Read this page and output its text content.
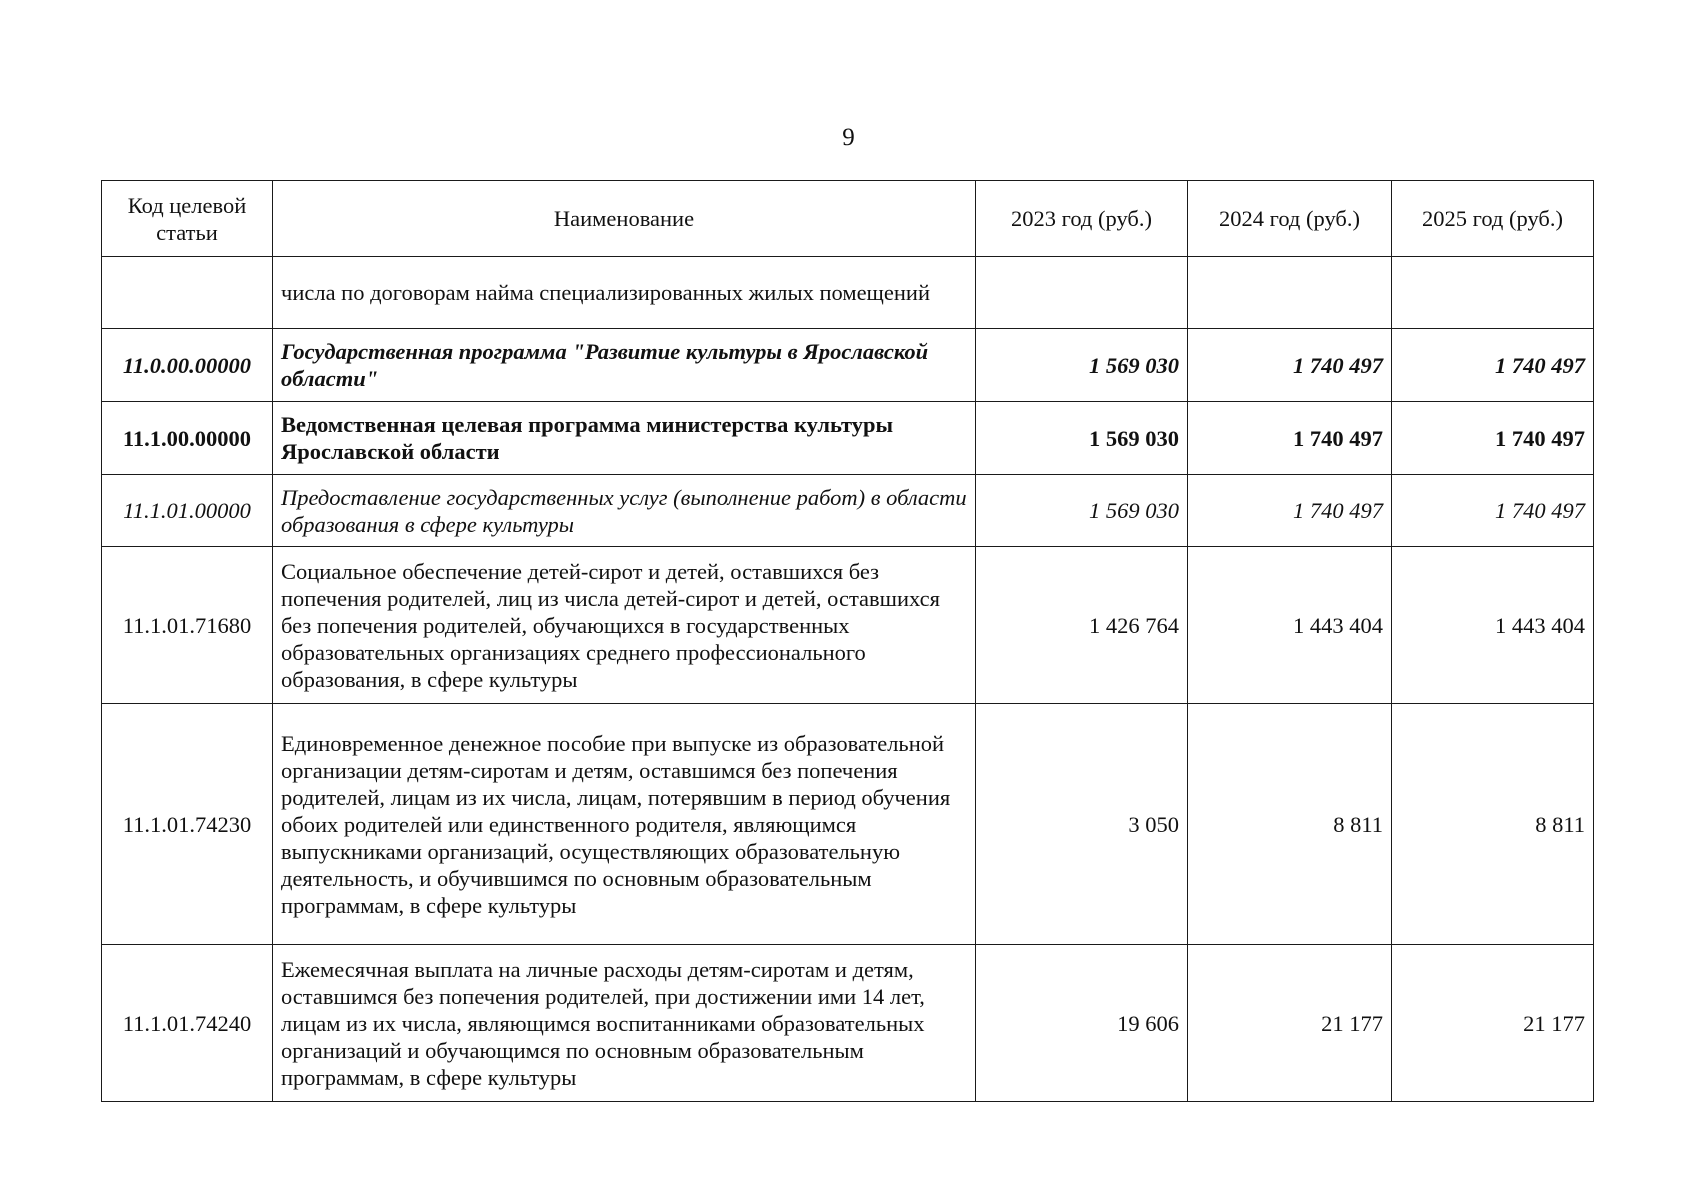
9
Код целевой статьи	Наименование	2023 год (руб.)	2024 год (руб.)	2025 год (руб.)
	числа по договорам найма специализированных жилых помещений			
11.0.00.00000	Государственная программа "Развитие культуры в Ярославской области"	1 569 030	1 740 497	1 740 497
11.1.00.00000	Ведомственная целевая программа министерства культуры Ярославской области	1 569 030	1 740 497	1 740 497
11.1.01.00000	Предоставление государственных услуг (выполнение работ) в области образования в сфере культуры	1 569 030	1 740 497	1 740 497
11.1.01.71680	Социальное обеспечение детей-сирот и детей, оставшихся без попечения родителей, лиц из числа детей-сирот и детей, оставшихся без попечения родителей, обучающихся в государственных образовательных организациях среднего профессионального образования, в сфере культуры	1 426 764	1 443 404	1 443 404
11.1.01.74230	Единовременное денежное пособие при выпуске из образовательной организации детям-сиротам и детям, оставшимся без попечения родителей, лицам из их числа, лицам, потерявшим в период обучения обоих родителей или единственного родителя, являющимся выпускниками организаций, осуществляющих образовательную деятельность, и обучившимся по основным образовательным программам, в сфере культуры	3 050	8 811	8 811
11.1.01.74240	Ежемесячная выплата на личные расходы детям-сиротам и детям, оставшимся без попечения родителей, при достижении ими 14 лет, лицам из их числа, являющимся воспитанниками образовательных организаций и обучающимся по основным образовательным программам, в сфере культуры	19 606	21 177	21 177
